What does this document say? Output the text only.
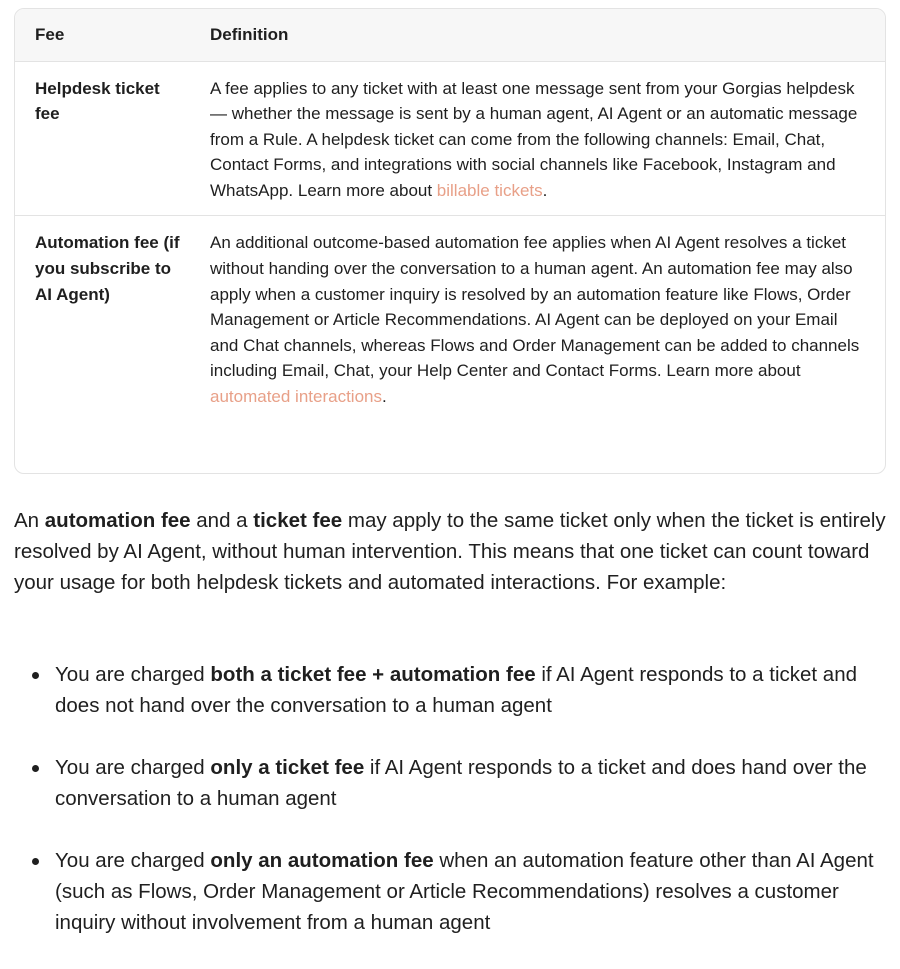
Fee	Definition
Helpdesk ticket fee	A fee applies to any ticket with at least one message sent from your Gorgias helpdesk — whether the message is sent by a human agent, AI Agent or an automatic message from a Rule. A helpdesk ticket can come from the following channels: Email, Chat, Contact Forms, and integrations with social channels like Facebook, Instagram and WhatsApp. Learn more about billable tickets.
Automation fee (if you subscribe to AI Agent)	An additional outcome-based automation fee applies when AI Agent resolves a ticket without handing over the conversation to a human agent. An automation fee may also apply when a customer inquiry is resolved by an automation feature like Flows, Order Management or Article Recommendations. AI Agent can be deployed on your Email and Chat channels, whereas Flows and Order Management can be added to channels including Email, Chat, your Help Center and Contact Forms. Learn more about automated interactions.

An automation fee and a ticket fee may apply to the same ticket only when the ticket is entirely resolved by AI Agent, without human intervention. This means that one ticket can count toward your usage for both helpdesk tickets and automated interactions. For example:

You are charged both a ticket fee + automation fee if AI Agent responds to a ticket and does not hand over the conversation to a human agent
You are charged only a ticket fee if AI Agent responds to a ticket and does hand over the conversation to a human agent
You are charged only an automation fee when an automation feature other than AI Agent (such as Flows, Order Management or Article Recommendations) resolves a customer inquiry without involvement from a human agent
